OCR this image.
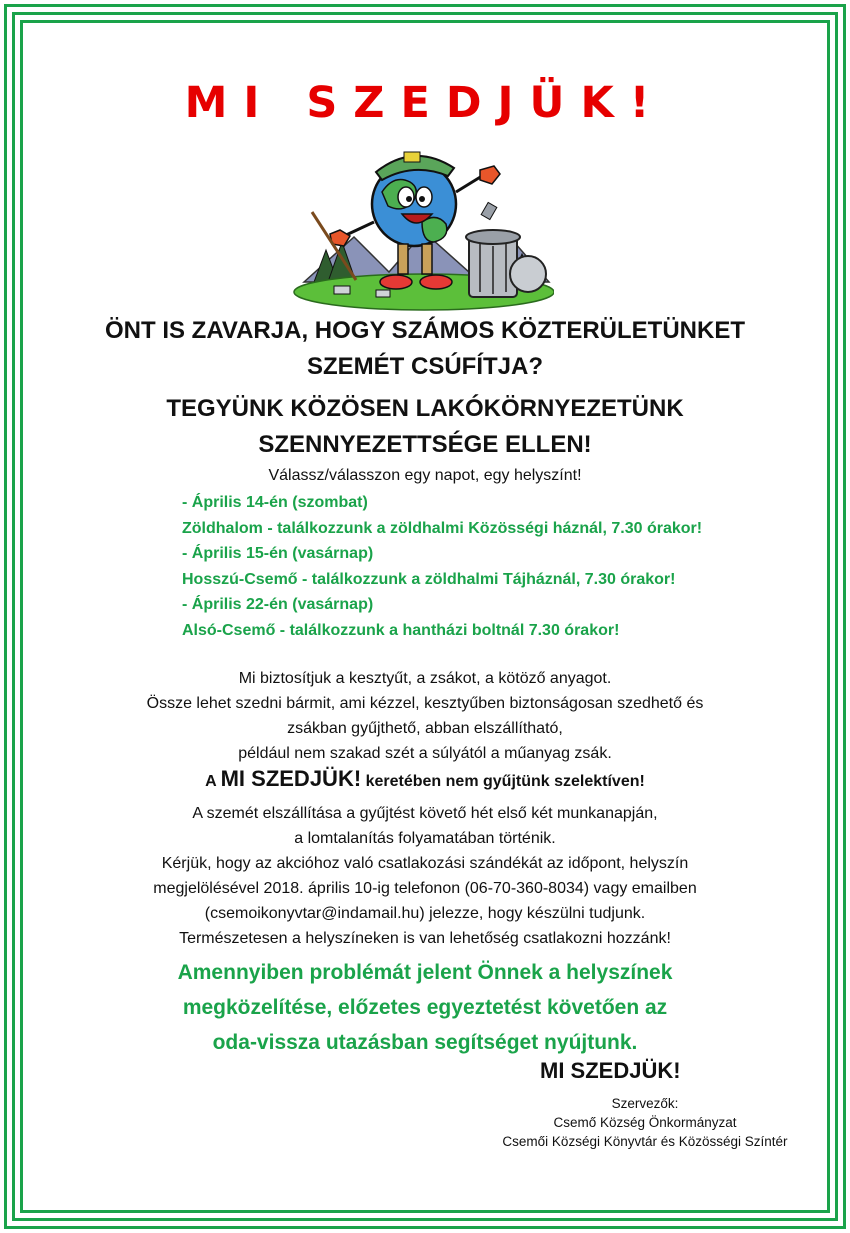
MI SZEDJÜK!
ÖNT IS ZAVARJA, HOGY SZÁMOS KÖZTERÜLETÜNKET
SZEMÉT CSÚFÍTJA?
TEGYÜNK KÖZÖSEN LAKÓKÖRNYEZETÜNK
SZENNYEZETTSÉGE ELLEN!
Válassz/válasszon egy napot, egy helyszínt!
- Április 14-én (szombat)
Zöldhalom - találkozzunk a zöldhalmi Közösségi háznál, 7.30 órakor!
- Április 15-én (vasárnap)
Hosszú-Csemő - találkozzunk a zöldhalmi Tájháznál, 7.30 órakor!
- Április 22-én (vasárnap)
Alsó-Csemő - találkozzunk a hantházi boltnál 7.30 órakor!
Mi biztosítjuk a kesztyűt, a zsákot, a kötöző anyagot.
Össze lehet szedni bármit, ami kézzel, kesztyűben biztonságosan szedhető és
zsákban gyűjthető, abban elszállítható,
például nem szakad szét a súlyától a műanyag zsák.
A MI SZEDJÜK! keretében nem gyűjtünk szelektíven!
A szemét elszállítása a gyűjtést követő hét első két munkanapján,
a lomtalanítás folyamatában történik.
Kérjük, hogy az akcióhoz való csatlakozási szándékát az időpont, helyszín
megjelölésével 2018. április 10-ig telefonon (06-70-360-8034) vagy emailben
(csemoikonyvtar@indamail.hu) jelezze, hogy készülni tudjunk.
Természetesen a helyszíneken is van lehetőség csatlakozni hozzánk!
Amennyiben problémát jelent Önnek a helyszínek
megközelítése, előzetes egyeztetést követően az
oda-vissza utazásban segítséget nyújtunk.
MI SZEDJÜK!
Szervezők:
Csemő Község Önkormányzat
Csemői Községi Könyvtár és Közösségi Színtér
